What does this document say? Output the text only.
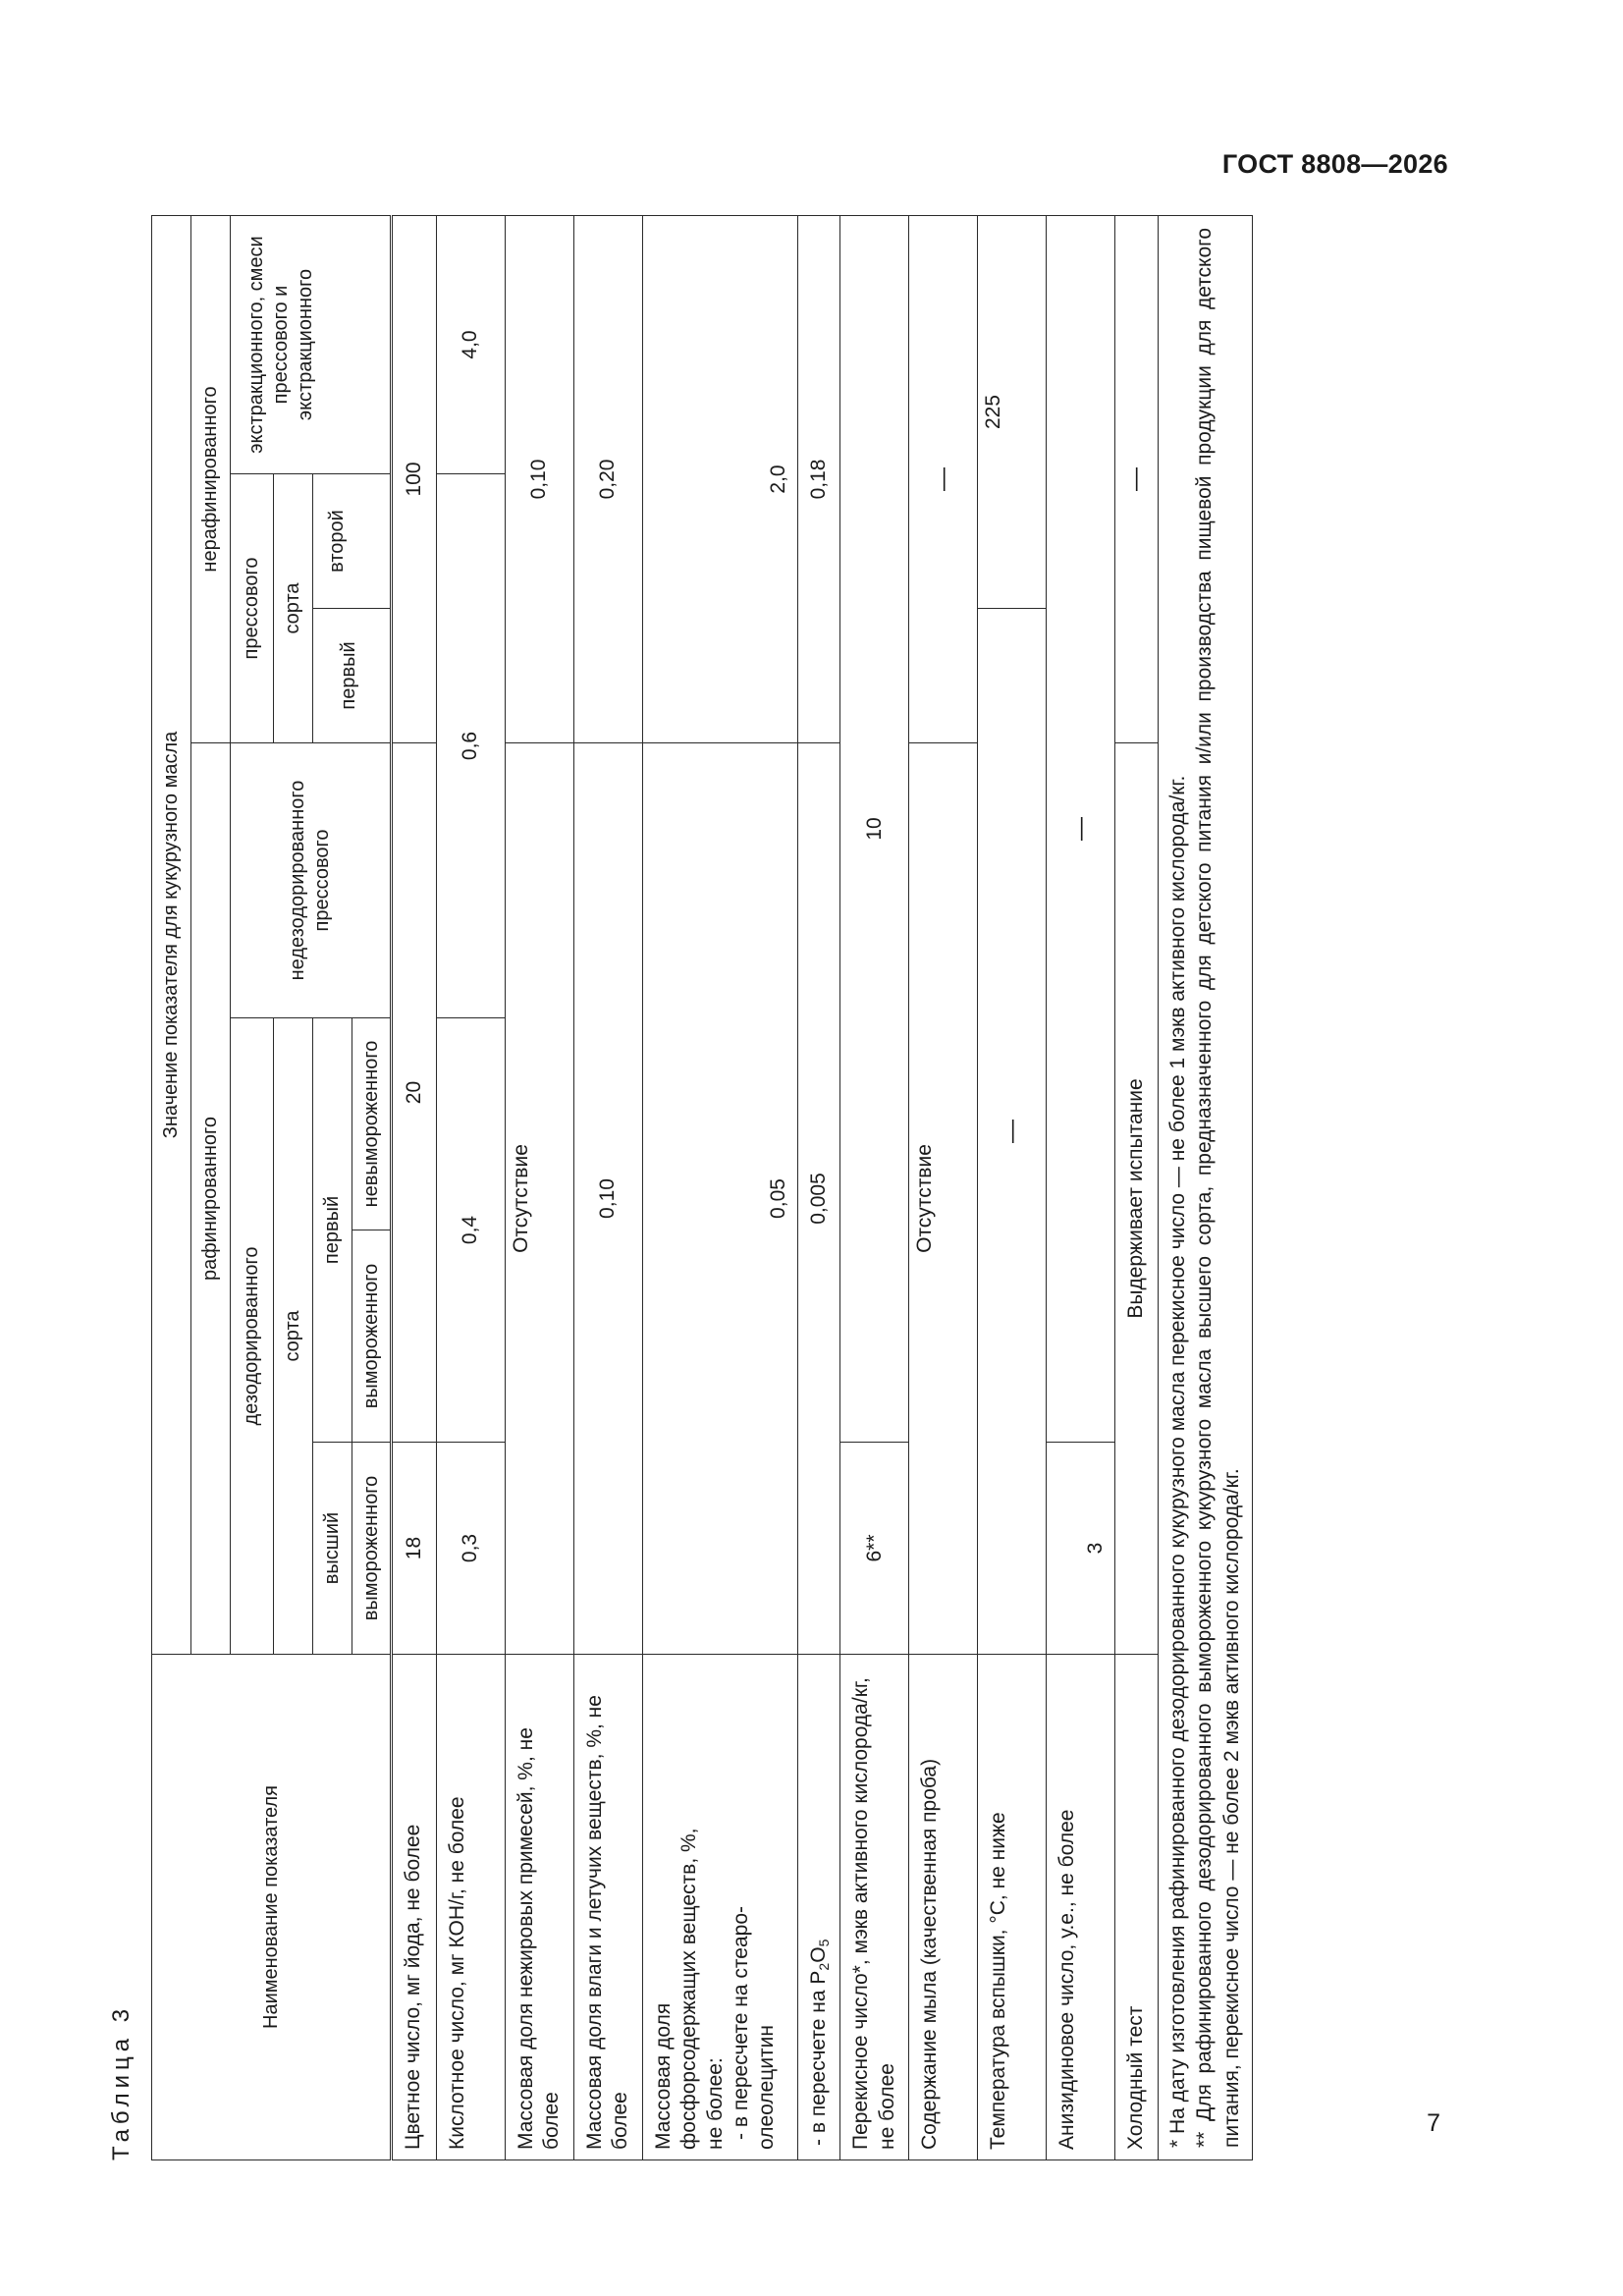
ГОСТ 8808—2026
7
Таблица 3
Наименование показателя	Значение показателя для кукурузного масла						
	рафинированного				нерафинированного		
	дезодорированного			недезодорированного прессового	прессового		экстракционного, смеси прессового и экстракционного
	сорта				сорта		
	высший	первый			первый	второй	
	вымороженного	вымороженного	невымороженного				
Цветное число, мг йода, не более	18	20			100		
Кислотное число, мг КОН/г, не более	0,3	0,4		0,6			4,0
Массовая доля нежировых примесей, %, не более	Отсутствие				0,10		
Массовая доля влаги и летучих веществ, %, не более	0,10				0,20		

Массовая доля фосфорсодержащих веществ, %, не более: - в пересчете на стеаро- олеолецитин	0,05				2,0		
- в пересчете на Р2О5	0,005				0,18		
Перекисное число*, мэкв активного кислорода/кг, не более	6**	10					
Содержание мыла (качественная проба)	Отсутствие				—		
Температура вспышки, °С, не ниже	—					225	
Анизидиновое число, у.е., не более	3	—					
Холодный тест	Выдерживает испытание				—		

* На дату изготовления рафинированного дезодорированного кукурузного масла перекисное число — не более 1 мэкв активного кислорода/кг. ** Для рафинированного дезодорированного вымороженного кукурузного масла высшего сорта, предназначенного для детского питания и/или производства пищевой продукции для детского питания, перекисное число — не более 2 мэкв активного кислорода/кг.							
